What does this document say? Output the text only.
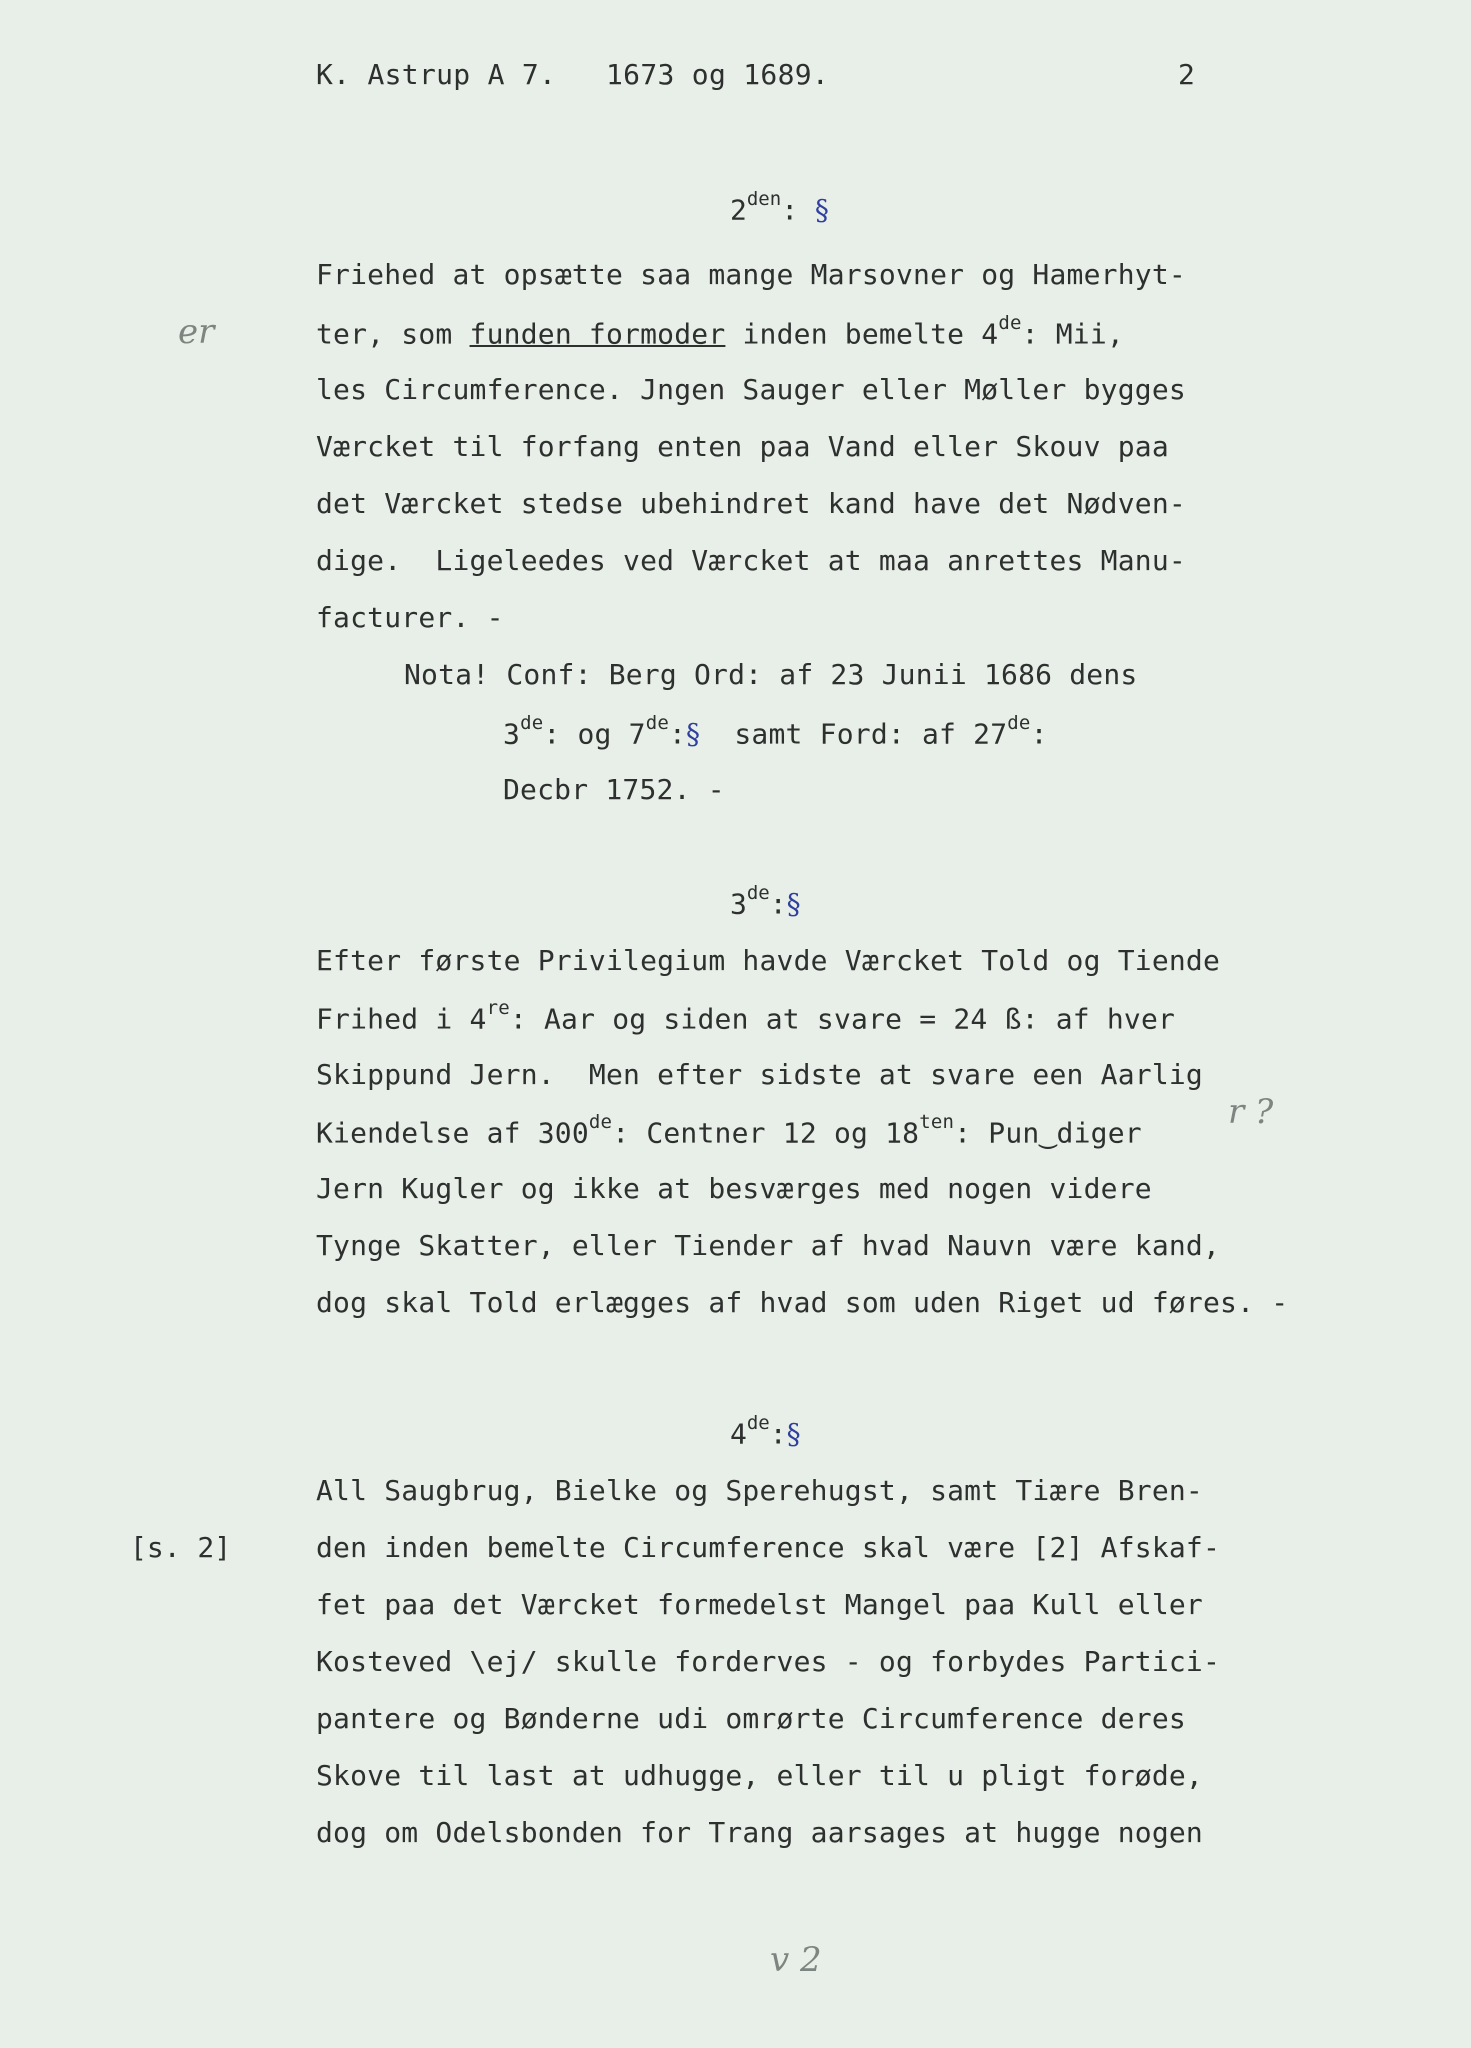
K. Astrup A 7. 1673 og 1689.	2
$2^{den}$: §
er
Friehed at opsætte saa mange Marsovner og Hamerhyt-
ter, som funden formoder inden bemelte 4de: Mii,
les Circumference. Jngen Sauger eller Møller bygges
Værcket til forfang enten paa Vand eller Skouv paa
det Værcket stedse ubehindret kand have det Nødven-
dige.  Ligeleedes ved Værcket at maa anrettes Manu-
facturer. -
Nota! Conf: Berg Ord: af 23 Junii 1686 dens
3de: og 7de:§  samt Ford: af 27de:
Decbr 1752. -
3de:§
Efter første Privilegium havde Værcket Told og Tiende
Frihed i 4re: Aar og siden at svare = 24 ß: af hver
Skippund Jern.  Men efter sidste at svare een Aarlig
Kiendelse af 300de: Centner 12 og $18^{ten}$: Pun‿diger
r ?
Jern Kugler og ikke at besværges med nogen videre
Tynge Skatter, eller Tiender af hvad Nauvn være kand,
dog skal Told erlægges af hvad som uden Riget ud føres. -
4de:§
All Saugbrug, Bielke og Sperehugst, samt Tiære Bren-
[s. 2]	den inden bemelte Circumference skal være [2] Afskaf-
fet paa det Værcket formedelst Mangel paa Kull eller
Kosteved \ej/ skulle forderves - og forbydes Partici-
pantere og Bønderne udi omrørte Circumference deres
Skove til last at udhugge, eller til u pligt forøde,
dog om Odelsbonden for Trang aarsages at hugge nogen
v 2
